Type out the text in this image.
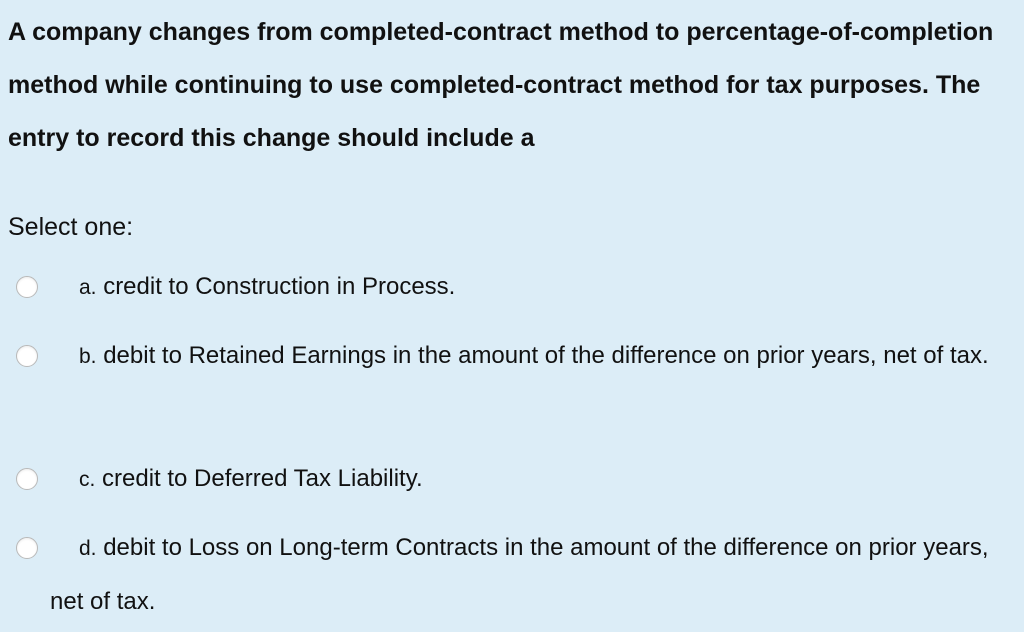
A company changes from completed-contract method to percentage-of-completion method while continuing to use completed-contract method for tax purposes. The entry to record this change should include a

Select one:

a. credit to Construction in Process.
b. debit to Retained Earnings in the amount of the difference on prior years, net of tax.
c. credit to Deferred Tax Liability.
d. debit to Loss on Long-term Contracts in the amount of the difference on prior years, net of tax.
